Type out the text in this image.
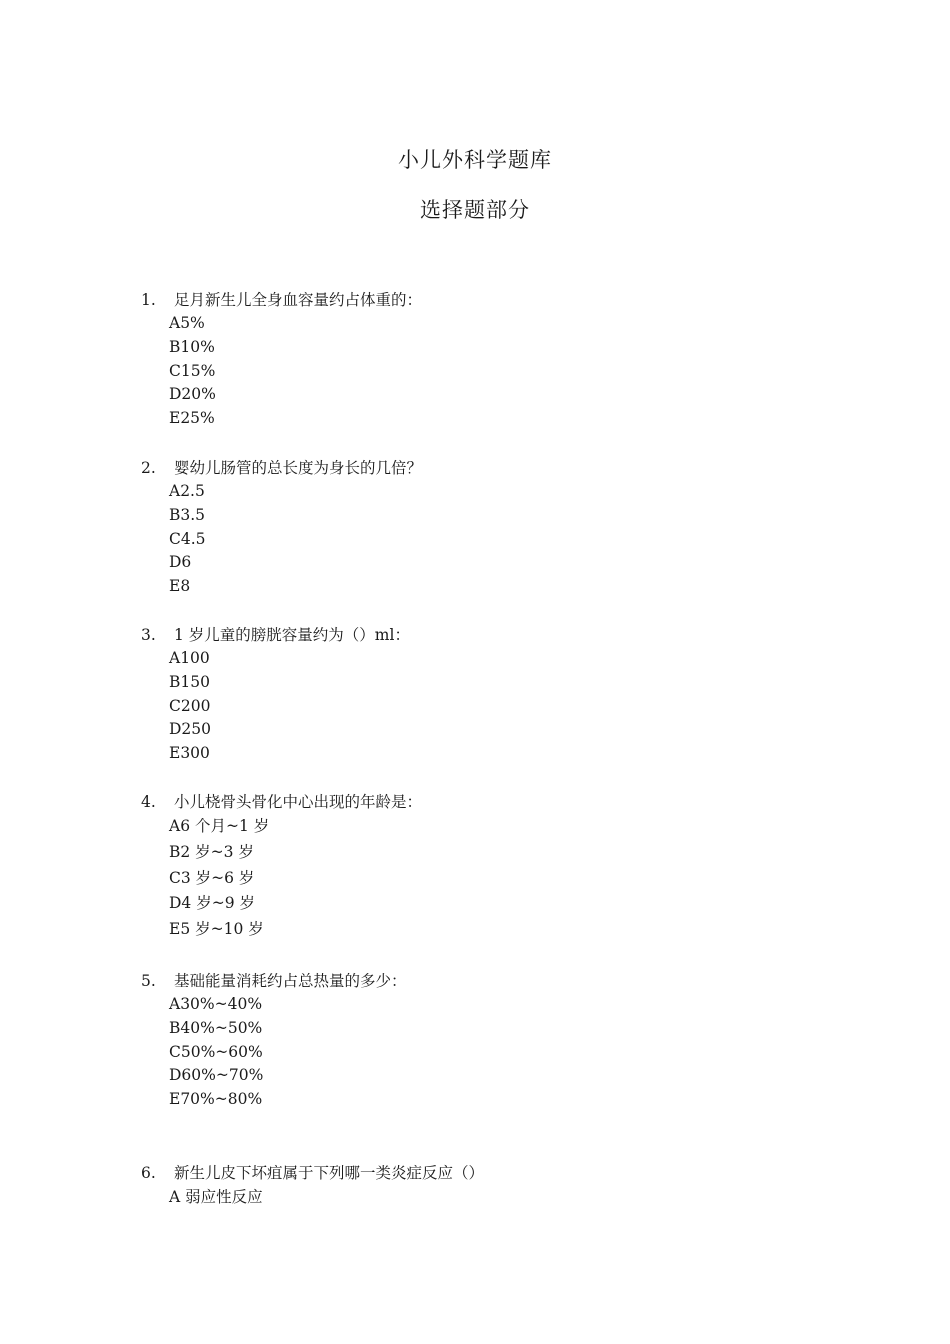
小儿外科学题库
选择题部分
1. 足月新生儿全身血容量约占体重的：
A5%
B10%
C15%
D20%
E25%
2. 婴幼儿肠管的总长度为身长的几倍？
A2.5
B3.5
C4.5
D6
E8
3. 1 岁儿童的膀胱容量约为（）ml：
A100
B150
C200
D250
E300
4. 小儿桡骨头骨化中心出现的年龄是：
A6 个月~1 岁
B2 岁~3 岁
C3 岁~6 岁
D4 岁~9 岁
E5 岁~10 岁
5. 基础能量消耗约占总热量的多少：
A30%~40%
B40%~50%
C50%~60%
D60%~70%
E70%~80%
6. 新生儿皮下坏疽属于下列哪一类炎症反应（）
A 弱应性反应
